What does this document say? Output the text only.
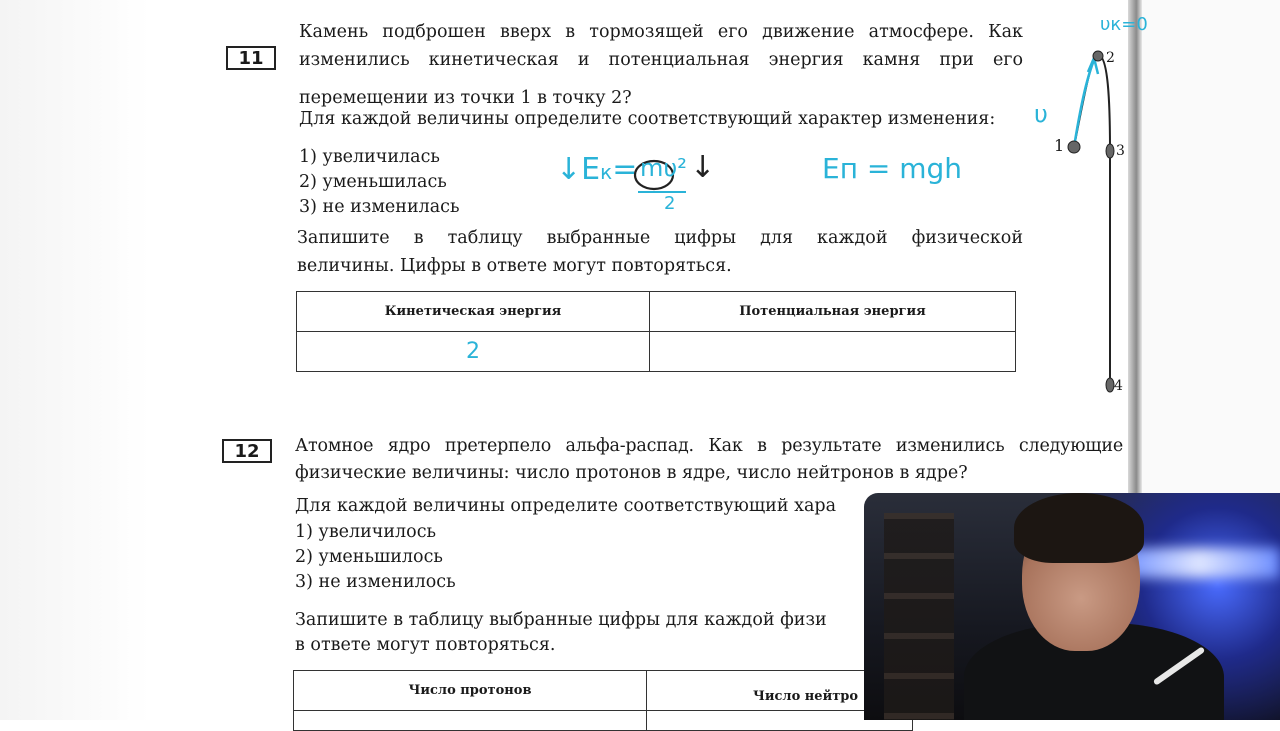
11
Камень подброшен вверх в тормозящей его движение атмосфере. Как
изменились кинетическая и потенциальная энергия камня при его
перемещении из точки 1 в точку 2?
Для каждой величины определите соответствующий характер изменения:
1) увеличилась
2) уменьшилась
3) не изменилась
Запишите в таблицу выбранные цифры для каждой физической
величины. Цифры в ответе могут повторяться.
Кинетическая энергия	Потенциальная энергия
2	
1
2
3
4
↓Eк= mυ² ↓
2
Eп = mgh
υ
υк=0
12	Атомное ядро претерпело альфа-распад. Как в результате изменились следующие
физические величины: число протонов в ядре, число нейтронов в ядре?
Для каждой величины определите соответствующий хара
1) увеличилось
2) уменьшилось
3) не изменилось
Запишите в таблицу выбранные цифры для каждой физи
в ответе могут повторяться.
Число протонов	Число нейтро
